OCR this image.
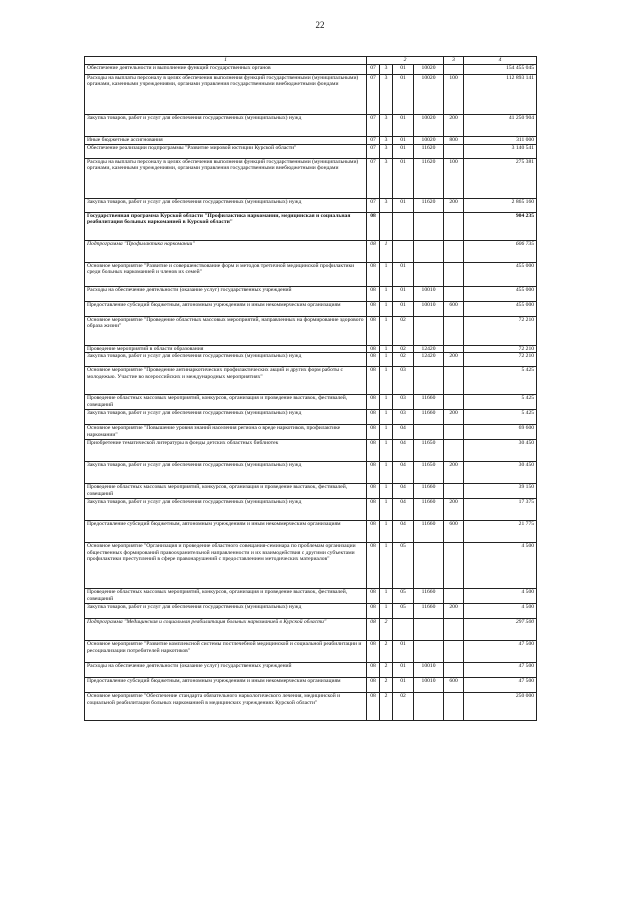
22
1	2				3	4
Обеспечение деятельности и выполнение функций государственных органов	07	3	01	10020		154 455 045
Расходы на выплаты персоналу в целях обеспечения выполнения функций государственными (муниципальными) органами, казенными учреждениями, органами управления государственными внебюджетными фондами	07	3	01	10020	100	112 893 141
Закупка товаров, работ и услуг для обеспечения государственных (муниципальных) нужд	07	3	01	10020	200	41 250 904
Иные бюджетные ассигнования	07	3	01	10020	800	311 000
Обеспечение реализации подпрограммы "Развитие мировой юстиции Курской области"	07	3	01	11620		3 140 541
Расходы на выплаты персоналу в целях обеспечения выполнения функций государственными (муниципальными) органами, казенными учреждениями, органами управления государственными внебюджетными фондами	07	3	01	11620	100	275 381
Закупка товаров, работ и услуг для обеспечения государственных (муниципальных) нужд	07	3	01	11620	200	2 865 160
Государственная программа Курской области "Профилактика наркомании, медицинская и социальная реабилитация больных наркоманией в Курской области"	08					904 235
Подпрограмма "Профилактика наркомании"	08	1				606 735
Основное мероприятие "Развитие и совершенствование форм и методов третичной медицинской профилактики среди больных наркоманией и членов их семей"	08	1	01			455 000
Расходы на обеспечение деятельности (оказание услуг) государственных учреждений	08	1	01	10010		455 000
Предоставление субсидий бюджетным, автономным учреждениям и иным некоммерческим организациям	08	1	01	10010	600	455 000
Основное мероприятие "Проведение областных массовых мероприятий, направленных на формирование здорового образа жизни"	08	1	02			72 210
Проведение мероприятий в области образования	08	1	02	12420		72 210
Закупка товаров, работ и услуг для обеспечения государственных (муниципальных) нужд	08	1	02	12420	200	72 210
Основное мероприятие "Проведение антинаркотических профилактических акций и других форм работы с молодежью. Участие во всероссийских и международных мероприятиях"	08	1	03			5 425
Проведение областных массовых мероприятий, конкурсов, организация и проведение выставок, фестивалей, совещаний	08	1	03	11660		5 425
Закупка товаров, работ и услуг для обеспечения государственных (муниципальных) нужд	08	1	03	11660	200	5 425
Основное мероприятие "Повышение уровня знаний населения региона о вреде наркотиков, профилактике наркомании"	08	1	04			69 600
Приобретение тематической литературы в фонды детских областных библиотек	08	1	04	11650		30 450
Закупка товаров, работ и услуг для обеспечения государственных (муниципальных) нужд	08	1	04	11650	200	30 450
Проведение областных массовых мероприятий, конкурсов, организация и проведение выставок, фестивалей, совещаний	08	1	04	11660		39 150
Закупка товаров, работ и услуг для обеспечения государственных (муниципальных) нужд	08	1	04	11660	200	17 375
Предоставление субсидий бюджетным, автономным учреждениям и иным некоммерческим организациям	08	1	04	11660	600	21 775
Основное мероприятие "Организация и проведение областного совещания-семинара по проблемам организации общественных формирований правоохранительной направленности и их взаимодействия с другими субъектами профилактики преступлений в сфере правонарушений с предоставлением методических материалов"	08	1	05			4 500
Проведение областных массовых мероприятий, конкурсов, организация и проведение выставок, фестивалей, совещаний	08	1	05	11660		4 500
Закупка товаров, работ и услуг для обеспечения государственных (муниципальных) нужд	08	1	05	11660	200	4 500
Подпрограмма "Медицинская и социальная реабилитация больных наркоманией в Курской области"	08	2				297 500
Основное мероприятие "Развитие комплексной системы постлечебной медицинской и социальной реабилитации и ресоциализации потребителей наркотиков"	08	2	01			47 500
Расходы на обеспечение деятельности (оказание услуг) государственных учреждений	08	2	01	10010		47 500
Предоставление субсидий бюджетным, автономным учреждениям и иным некоммерческим организациям	08	2	01	10010	600	47 500
Основное мероприятие "Обеспечение стандарта обязательного наркологического лечения, медицинской и социальной реабилитации больных наркоманией в медицинских учреждениях Курской области"	08	2	02			250 000
